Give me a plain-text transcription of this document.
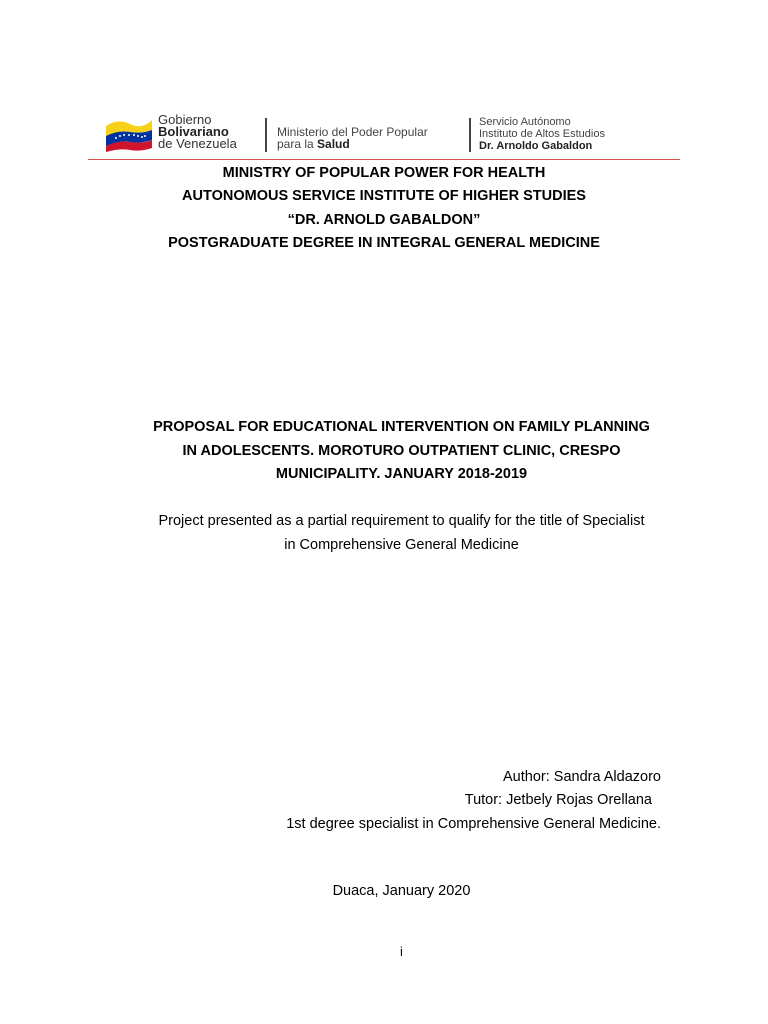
Gobierno
Bolivariano
de Venezuela
Ministerio del Poder Popular
para la Salud
Servicio Autónomo
Instituto de Altos Estudios
Dr. Arnoldo Gabaldon
MINISTRY OF POPULAR POWER FOR HEALTH
AUTONOMOUS SERVICE INSTITUTE OF HIGHER STUDIES
“DR. ARNOLD GABALDON”
POSTGRADUATE DEGREE IN INTEGRAL GENERAL MEDICINE
PROPOSAL FOR EDUCATIONAL INTERVENTION ON FAMILY PLANNING
IN ADOLESCENTS. MOROTURO OUTPATIENT CLINIC, CRESPO
MUNICIPALITY. JANUARY 2018-2019
Project presented as a partial requirement to qualify for the title of Specialist
in Comprehensive General Medicine
Author: Sandra Aldazoro
Tutor: Jetbely Rojas Orellana
1st degree specialist in Comprehensive General Medicine.
Duaca, January 2020
i
